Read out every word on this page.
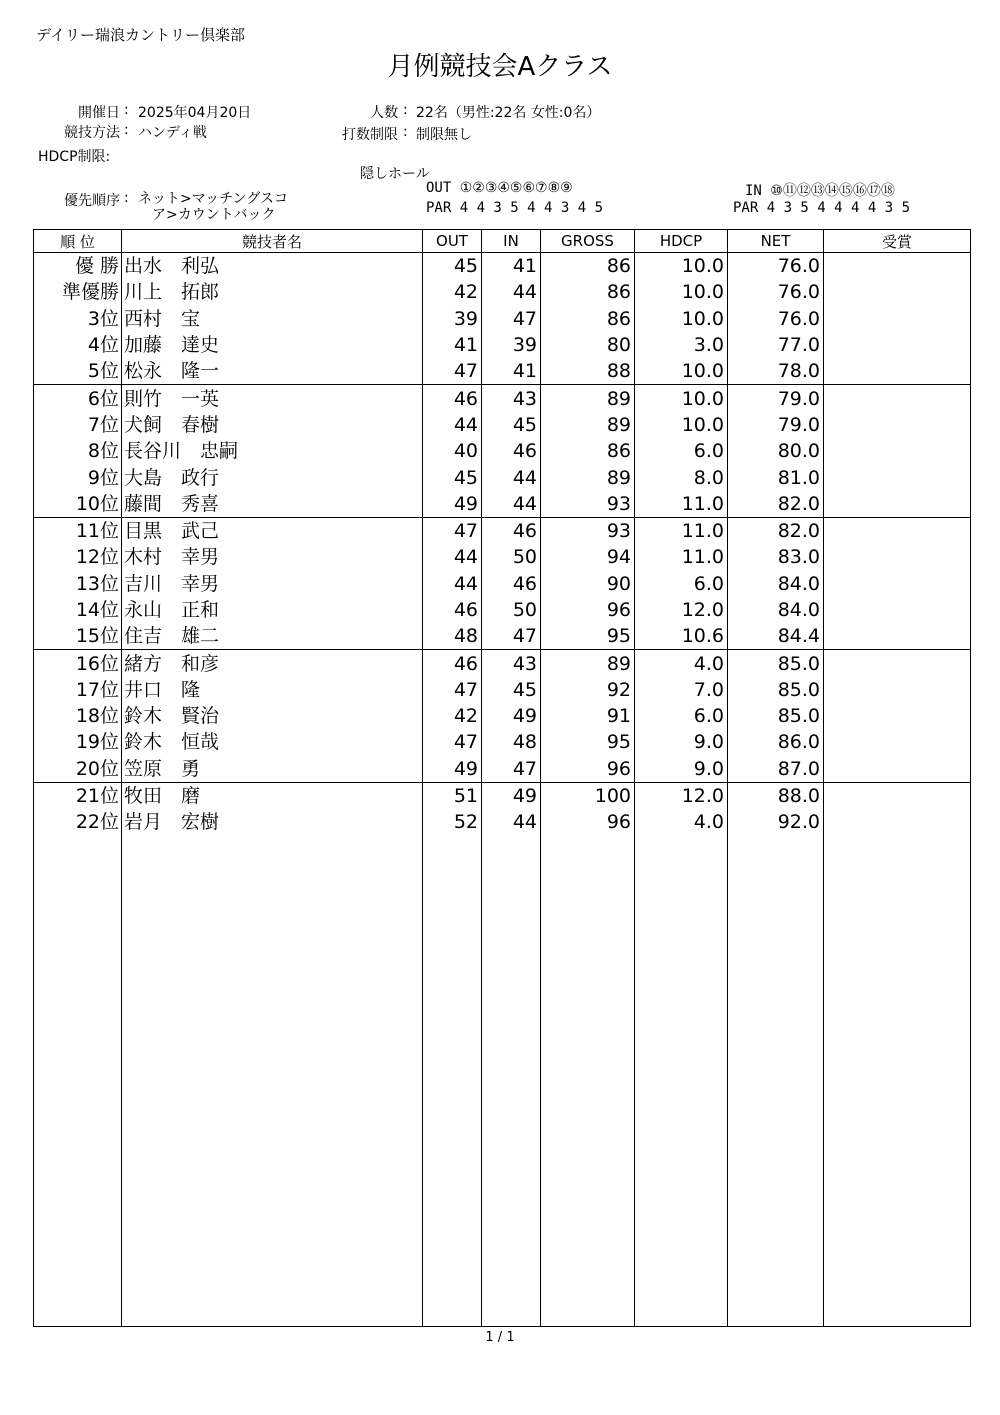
デイリー瑞浪カントリー倶楽部
月例競技会Aクラス
開催日 : 2025年04月20日
競技方法 : ハンディ戦
HDCP制限:
人数 : 22名（男性:22名 女性:0名）
打数制限 : 制限無し
隠しホール
優先順序 : ネット>マッチングスコ
ア>カウントバック
OUT ①②③④⑤⑥⑦⑧⑨
PAR 4 4 3 5 4 4 3 4 5
IN ⑩⑪⑫⑬⑭⑮⑯⑰⑱
PAR 4 3 5 4 4 4 4 3 5
順 位	競技者名	OUT	IN	GROSS	HDCP	NET	受賞
優 勝	出水　利弘	45	41	86	10.0	76.0	
準優勝	川上　拓郎	42	44	86	10.0	76.0	
3位	西村　宝	39	47	86	10.0	76.0	
4位	加藤　達史	41	39	80	3.0	77.0	
5位	松永　隆一	47	41	88	10.0	78.0	
6位	則竹　一英	46	43	89	10.0	79.0	
7位	犬飼　春樹	44	45	89	10.0	79.0	
8位	長谷川　忠嗣	40	46	86	6.0	80.0	
9位	大島　政行	45	44	89	8.0	81.0	
10位	藤間　秀喜	49	44	93	11.0	82.0	
11位	目黒　武己	47	46	93	11.0	82.0	
12位	木村　幸男	44	50	94	11.0	83.0	
13位	吉川　幸男	44	46	90	6.0	84.0	
14位	永山　正和	46	50	96	12.0	84.0	
15位	住吉　雄二	48	47	95	10.6	84.4	
16位	緒方　和彦	46	43	89	4.0	85.0	
17位	井口　隆	47	45	92	7.0	85.0	
18位	鈴木　賢治	42	49	91	6.0	85.0	
19位	鈴木　恒哉	47	48	95	9.0	86.0	
20位	笠原　勇	49	47	96	9.0	87.0	
21位	牧田　磨	51	49	100	12.0	88.0	
22位	岩月　宏樹	52	44	96	4.0	92.0	

1 / 1
